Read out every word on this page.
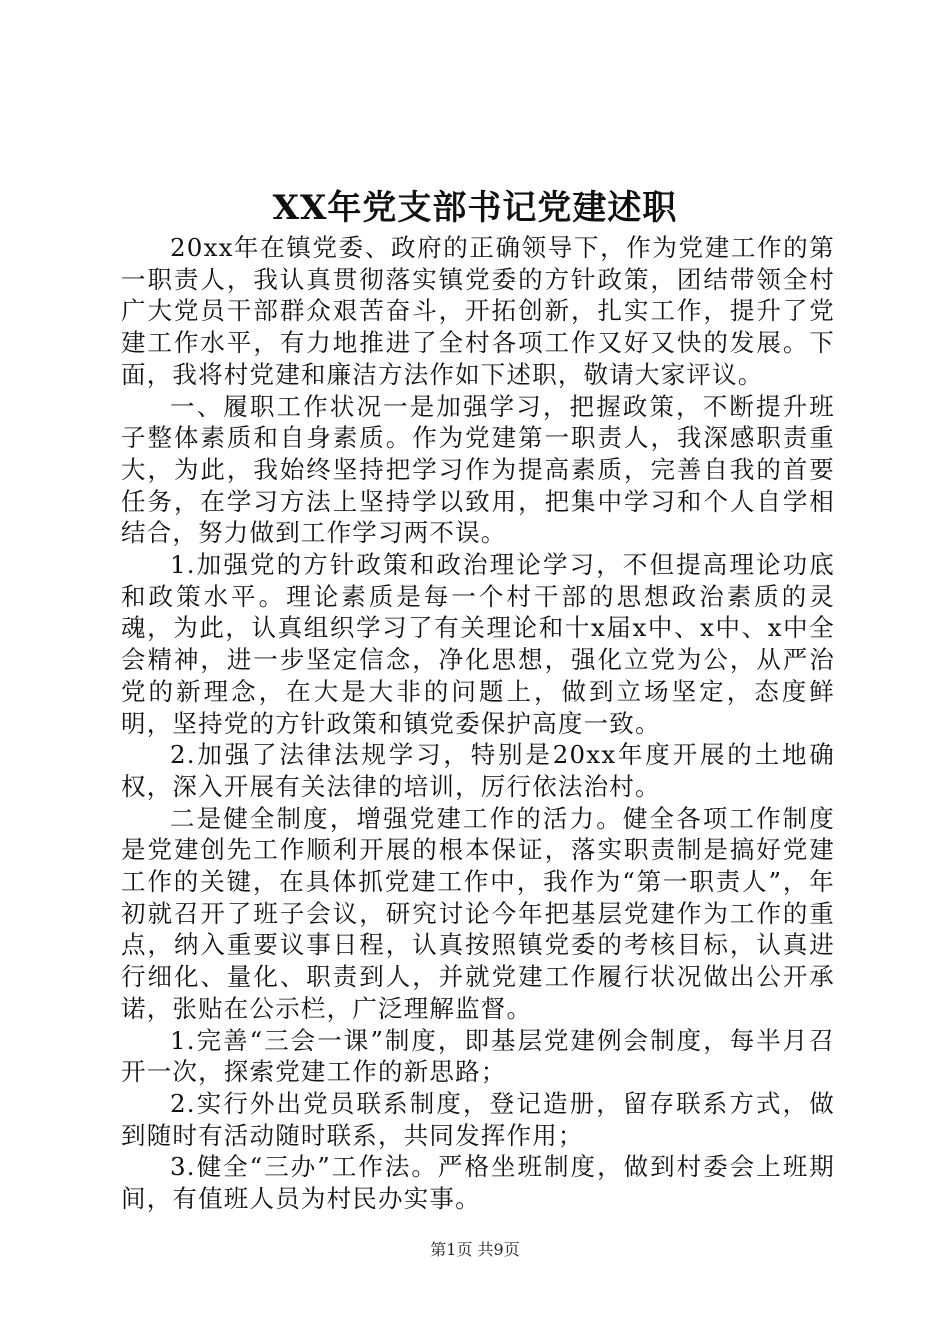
XX年党支部书记党建述职

20xx年在镇党委、政府的正确领导下，作为党建工作的第一职责人，我认真贯彻落实镇党委的方针政策，团结带领全村广大党员干部群众艰苦奋斗，开拓创新，扎实工作，提升了党建工作水平，有力地推进了全村各项工作又好又快的发展。下面，我将村党建和廉洁方法作如下述职，敬请大家评议。

一、履职工作状况一是加强学习，把握政策，不断提升班子整体素质和自身素质。作为党建第一职责人，我深感职责重大，为此，我始终坚持把学习作为提高素质，完善自我的首要任务，在学习方法上坚持学以致用，把集中学习和个人自学相结合，努力做到工作学习两不误。

1.加强党的方针政策和政治理论学习，不但提高理论功底和政策水平。理论素质是每一个村干部的思想政治素质的灵魂，为此，认真组织学习了有关理论和十x届x中、x中、x中全会精神，进一步坚定信念，净化思想，强化立党为公，从严治党的新理念，在大是大非的问题上，做到立场坚定，态度鲜明，坚持党的方针政策和镇党委保护高度一致。

2.加强了法律法规学习，特别是20xx年度开展的土地确权，深入开展有关法律的培训，厉行依法治村。

二是健全制度，增强党建工作的活力。健全各项工作制度是党建创先工作顺利开展的根本保证，落实职责制是搞好党建工作的关键，在具体抓党建工作中，我作为“第一职责人”，年初就召开了班子会议，研究讨论今年把基层党建作为工作的重点，纳入重要议事日程，认真按照镇党委的考核目标，认真进行细化、量化、职责到人，并就党建工作履行状况做出公开承诺，张贴在公示栏，广泛理解监督。

1.完善“三会一课”制度，即基层党建例会制度，每半月召开一次，探索党建工作的新思路；

2.实行外出党员联系制度，登记造册，留存联系方式，做到随时有活动随时联系，共同发挥作用；

3.健全“三办”工作法。严格坐班制度，做到村委会上班期间，有值班人员为村民办实事。

第1页 共9页
